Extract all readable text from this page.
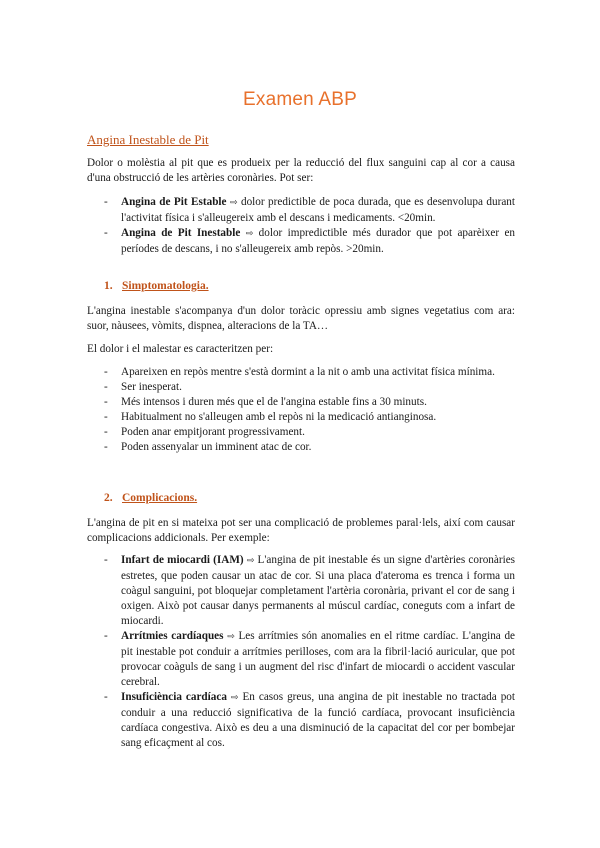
Examen ABP
Angina Inestable de Pit
Dolor o molèstia al pit que es produeix per la reducció del flux sanguini cap al cor a causa d'una obstrucció de les artèries coronàries. Pot ser:
- Angina de Pit Estable ⇨ dolor predictible de poca durada, que es desenvolupa durant l'activitat física i s'alleugereix amb el descans i medicaments. <20min.
- Angina de Pit Inestable ⇨ dolor impredictible més durador que pot aparèixer en períodes de descans, i no s'alleugereix amb repòs. >20min.
1. Simptomatologia.
L'angina inestable s'acompanya d'un dolor toràcic opressiu amb signes vegetatius com ara: suor, nàusees, vòmits, dispnea, alteracions de la TA…
El dolor i el malestar es caracteritzen per:
- Apareixen en repòs mentre s'està dormint a la nit o amb una activitat física mínima.
- Ser inesperat.
- Més intensos i duren més que el de l'angina estable fins a 30 minuts.
- Habitualment no s'alleugen amb el repòs ni la medicació antianginosa.
- Poden anar empitjorant progressivament.
- Poden assenyalar un imminent atac de cor.
2. Complicacions.
L'angina de pit en si mateixa pot ser una complicació de problemes paral·lels, així com causar complicacions addicionals. Per exemple:
- Infart de miocardi (IAM) ⇨ L'angina de pit inestable és un signe d'artèries coronàries estretes, que poden causar un atac de cor. Si una placa d'ateroma es trenca i forma un coàgul sanguini, pot bloquejar completament l'artèria coronària, privant el cor de sang i oxigen. Això pot causar danys permanents al múscul cardíac, coneguts com a infart de miocardi.
- Arrítmies cardíaques ⇨ Les arrítmies són anomalies en el ritme cardíac. L'angina de pit inestable pot conduir a arrítmies perilloses, com ara la fibril·lació auricular, que pot provocar coàguls de sang i un augment del risc d'infart de miocardi o accident vascular cerebral.
- Insuficiència cardíaca ⇨ En casos greus, una angina de pit inestable no tractada pot conduir a una reducció significativa de la funció cardíaca, provocant insuficiència cardíaca congestiva. Això es deu a una disminució de la capacitat del cor per bombejar sang eficaçment al cos.
